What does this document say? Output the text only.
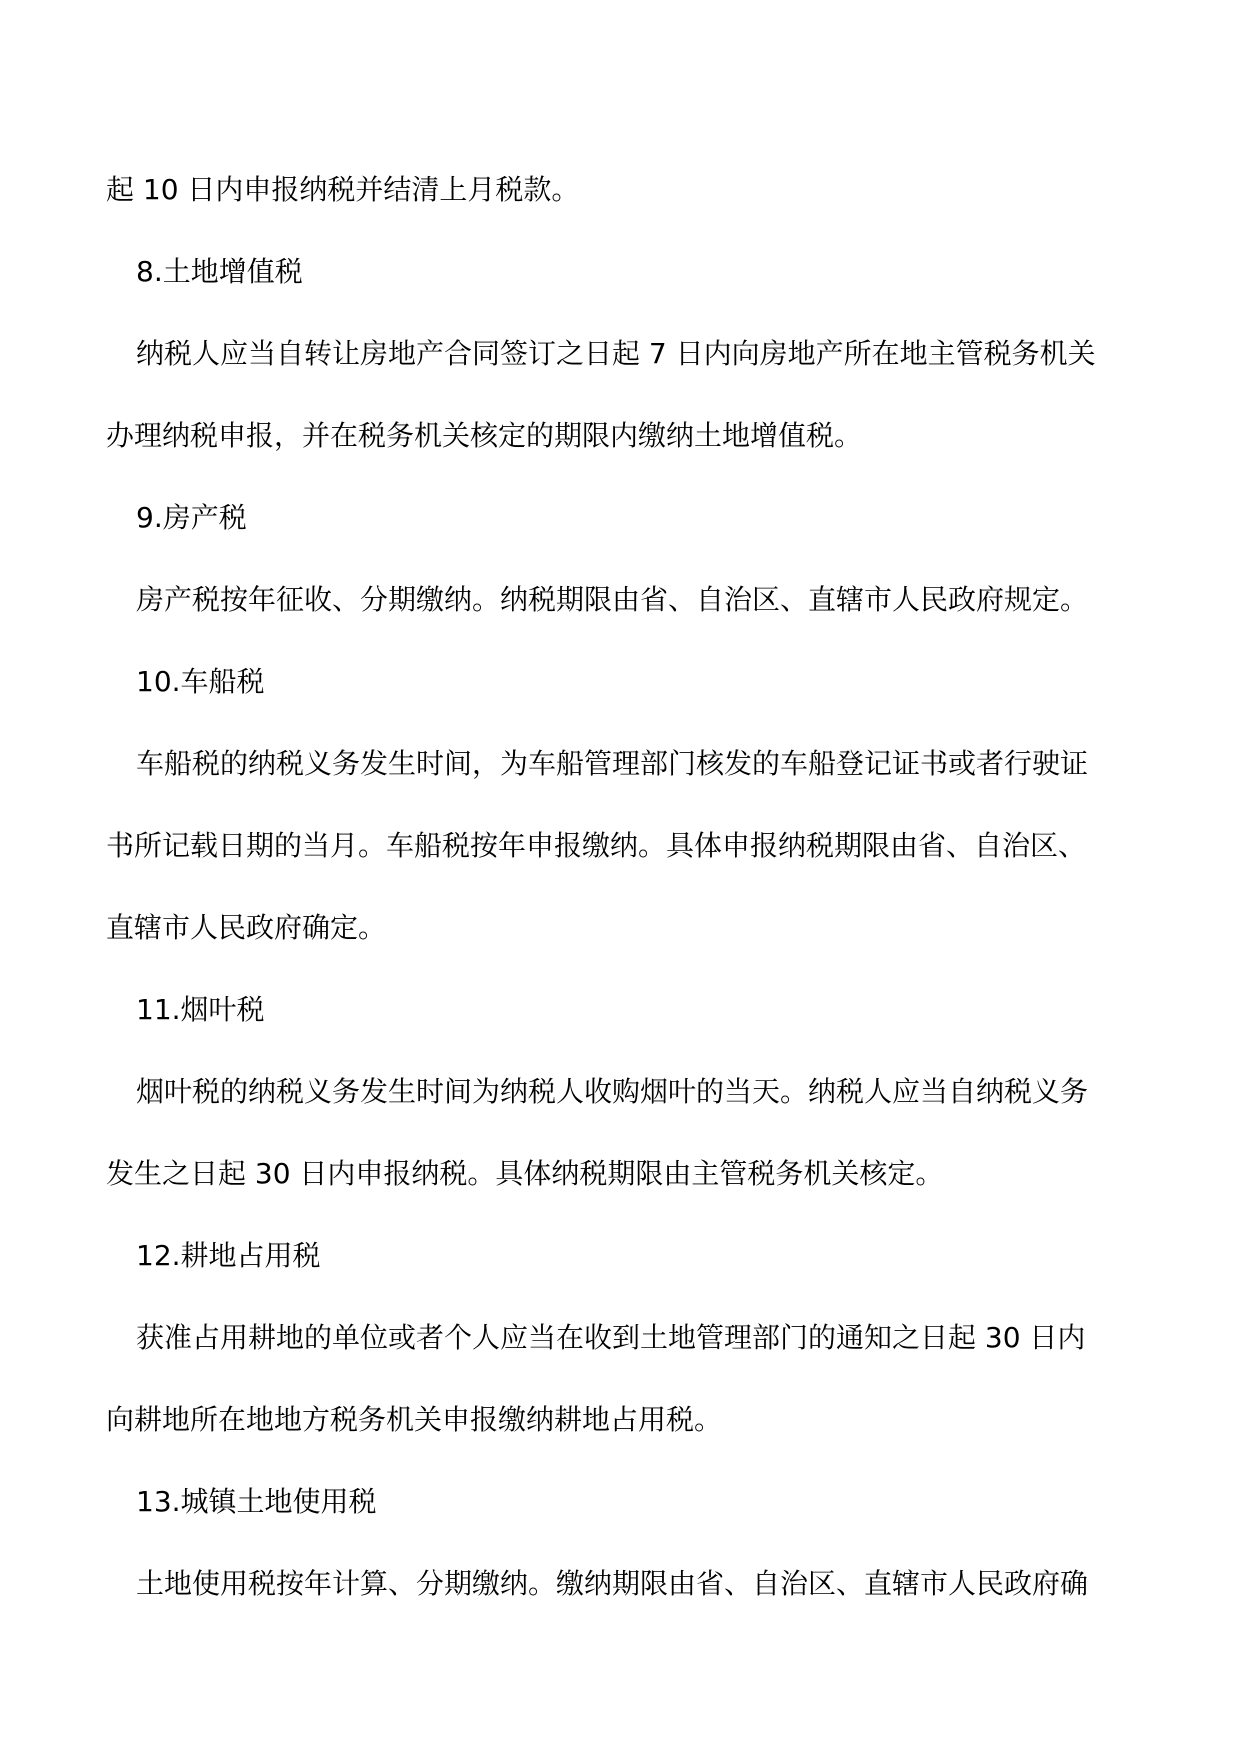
起 10 日内申报纳税并结清上月税款。
8.土地增值税
纳税人应当自转让房地产合同签订之日起 7 日内向房地产所在地主管税务机关
办理纳税申报，并在税务机关核定的期限内缴纳土地增值税。
9.房产税
房产税按年征收、分期缴纳。纳税期限由省、自治区、直辖市人民政府规定。
10.车船税
车船税的纳税义务发生时间，为车船管理部门核发的车船登记证书或者行驶证
书所记载日期的当月。车船税按年申报缴纳。具体申报纳税期限由省、自治区、
直辖市人民政府确定。
11.烟叶税
烟叶税的纳税义务发生时间为纳税人收购烟叶的当天。纳税人应当自纳税义务
发生之日起 30 日内申报纳税。具体纳税期限由主管税务机关核定。
12.耕地占用税
获准占用耕地的单位或者个人应当在收到土地管理部门的通知之日起 30 日内
向耕地所在地地方税务机关申报缴纳耕地占用税。
13.城镇土地使用税
土地使用税按年计算、分期缴纳。缴纳期限由省、自治区、直辖市人民政府确
